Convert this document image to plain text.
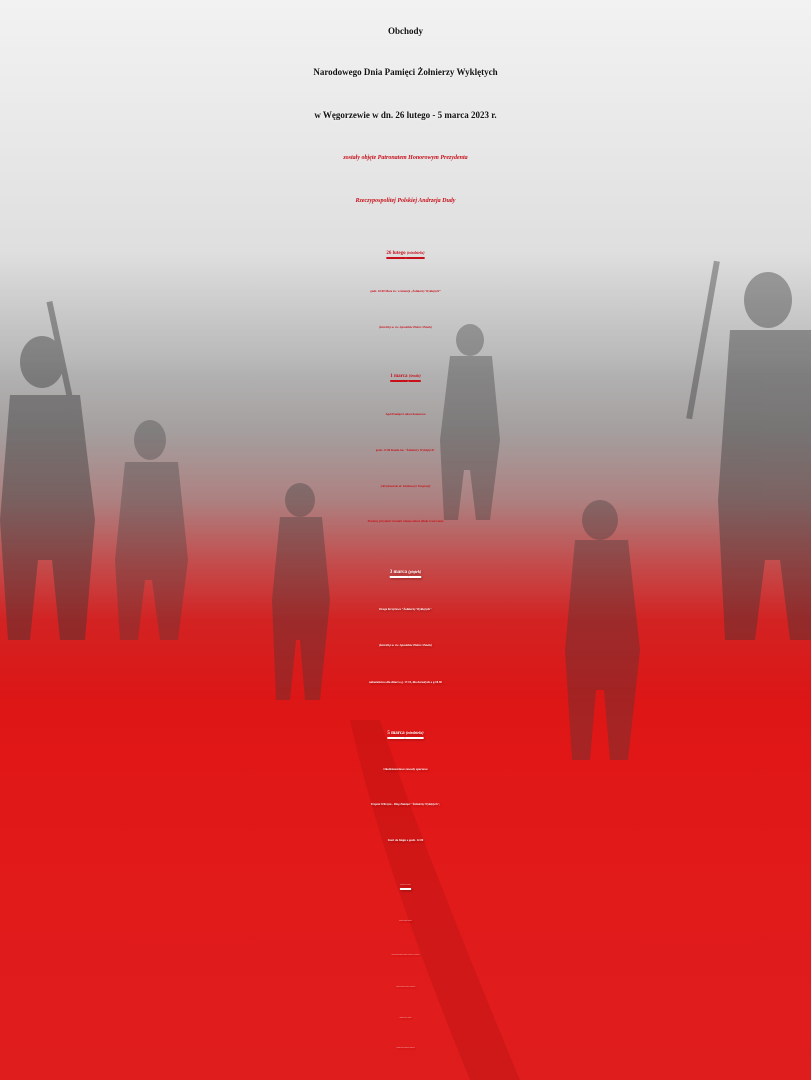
Obchody
Narodowego Dnia Pamięci Żołnierzy Wyklętych
w Węgorzewie w dn. 26 lutego - 5 marca 2023 r.
zostały objęte Patronatem Honorowym Prezydenta
Rzeczypospolitej Polskiej Andrzeja Dudy
26 lutego (niedziela)
godz. 10.00 Msza św. w intencji „Żołnierzy Wyklętych”
(kościół p.w. św. Apostołów Piotra i Pawła)
1 marca (środa)
Apel Pamięci i salwa honorowa
godz. 17.00 Rondo im. "Żołnierzy Wyklętych"
(skrzyżowanie ul. Zamkowej i Targowej)
Prosimy przynieść również własne znicze (białe i czerwone)
3 marca (piątek)
Droga Krzyżowa "Żołnierzy Wyklętych"
(kościół p.w. św. Apostołów Piotra i Pawła)
nabożeństwo dla dzieci o g. 17.15, dla dorosłych o g.18.30
5 marca (niedziela)
Okolicznościowe zawody sportowe
Tropem Wilczym - Bieg Pamięci "Żołnierzy Wyklętych",
Start do biegu o godz. 12.00
Organizatorzy obchodów:
Społeczny Komitet Obchodów
Narodowego Dnia Pamięci "Żołnierzy Wyklętych" w Węgorzewie
1 Mazurska Brygada Artylerii w Węgorzewie
Delegatura IPN w Olsztynie
Ośrodek Sportu i Rekreacji w Węgorzewie
